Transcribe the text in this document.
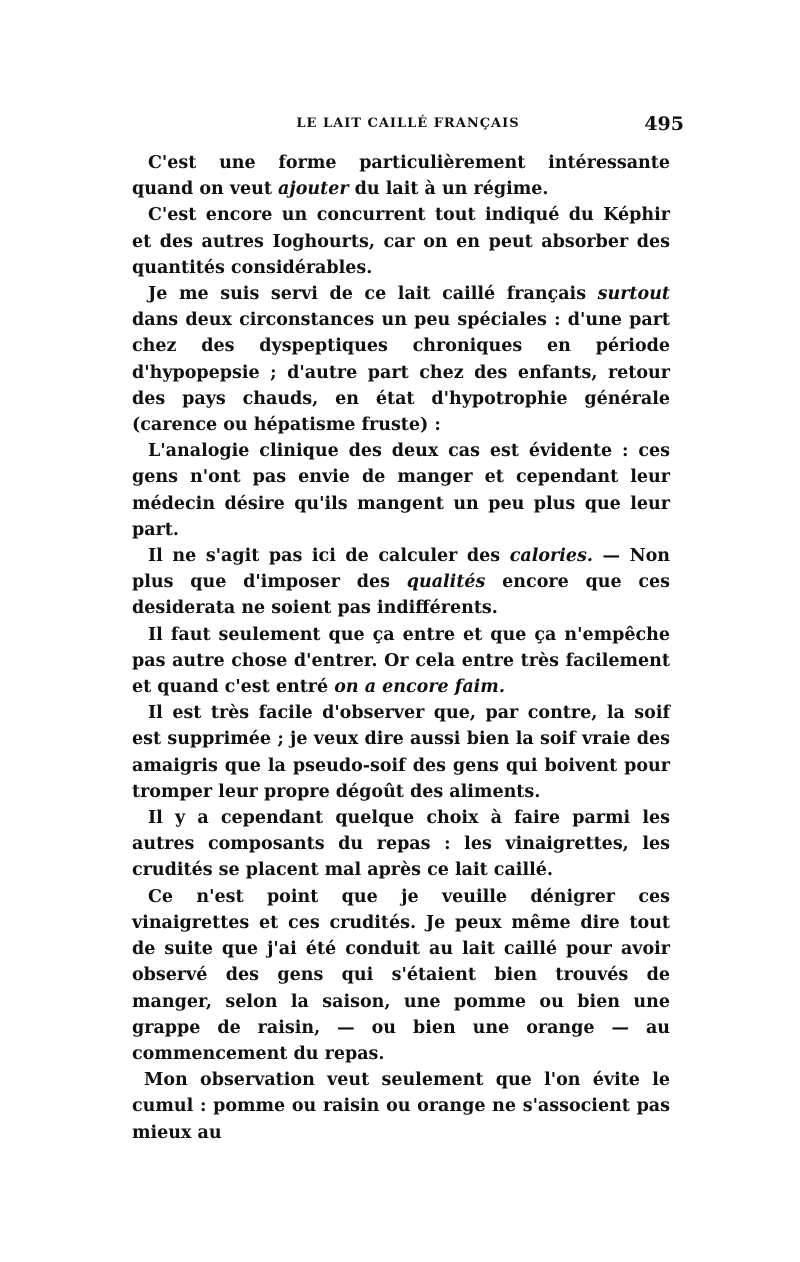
LE LAIT CAILLÉ FRANÇAIS	495

C'est une forme particulièrement intéressante quand on veut ajouter du lait à un régime.

C'est encore un concurrent tout indiqué du Képhir et des autres Ioghourts, car on en peut absorber des quantités considérables.

Je me suis servi de ce lait caillé français surtout dans deux circonstances un peu spéciales : d'une part chez des dyspeptiques chroniques en période d'hypopepsie ; d'autre part chez des enfants, retour des pays chauds, en état d'hypotrophie générale (carence ou hépatisme fruste) :

L'analogie clinique des deux cas est évidente : ces gens n'ont pas envie de manger et cependant leur médecin désire qu'ils mangent un peu plus que leur part.

Il ne s'agit pas ici de calculer des calories. — Non plus que d'imposer des qualités encore que ces desiderata ne soient pas indifférents.

Il faut seulement que ça entre et que ça n'empêche pas autre chose d'entrer. Or cela entre très facilement et quand c'est entré on a encore faim.

Il est très facile d'observer que, par contre, la soif est supprimée ; je veux dire aussi bien la soif vraie des amaigris que la pseudo-soif des gens qui boivent pour tromper leur propre dégoût des aliments.

Il y a cependant quelque choix à faire parmi les autres composants du repas : les vinaigrettes, les crudités se placent mal après ce lait caillé.

Ce n'est point que je veuille dénigrer ces vinaigrettes et ces crudités. Je peux même dire tout de suite que j'ai été conduit au lait caillé pour avoir observé des gens qui s'étaient bien trouvés de manger, selon la saison, une pomme ou bien une grappe de raisin, — ou bien une orange — au commencement du repas.

Mon observation veut seulement que l'on évite le cumul : pomme ou raisin ou orange ne s'associent pas mieux au
